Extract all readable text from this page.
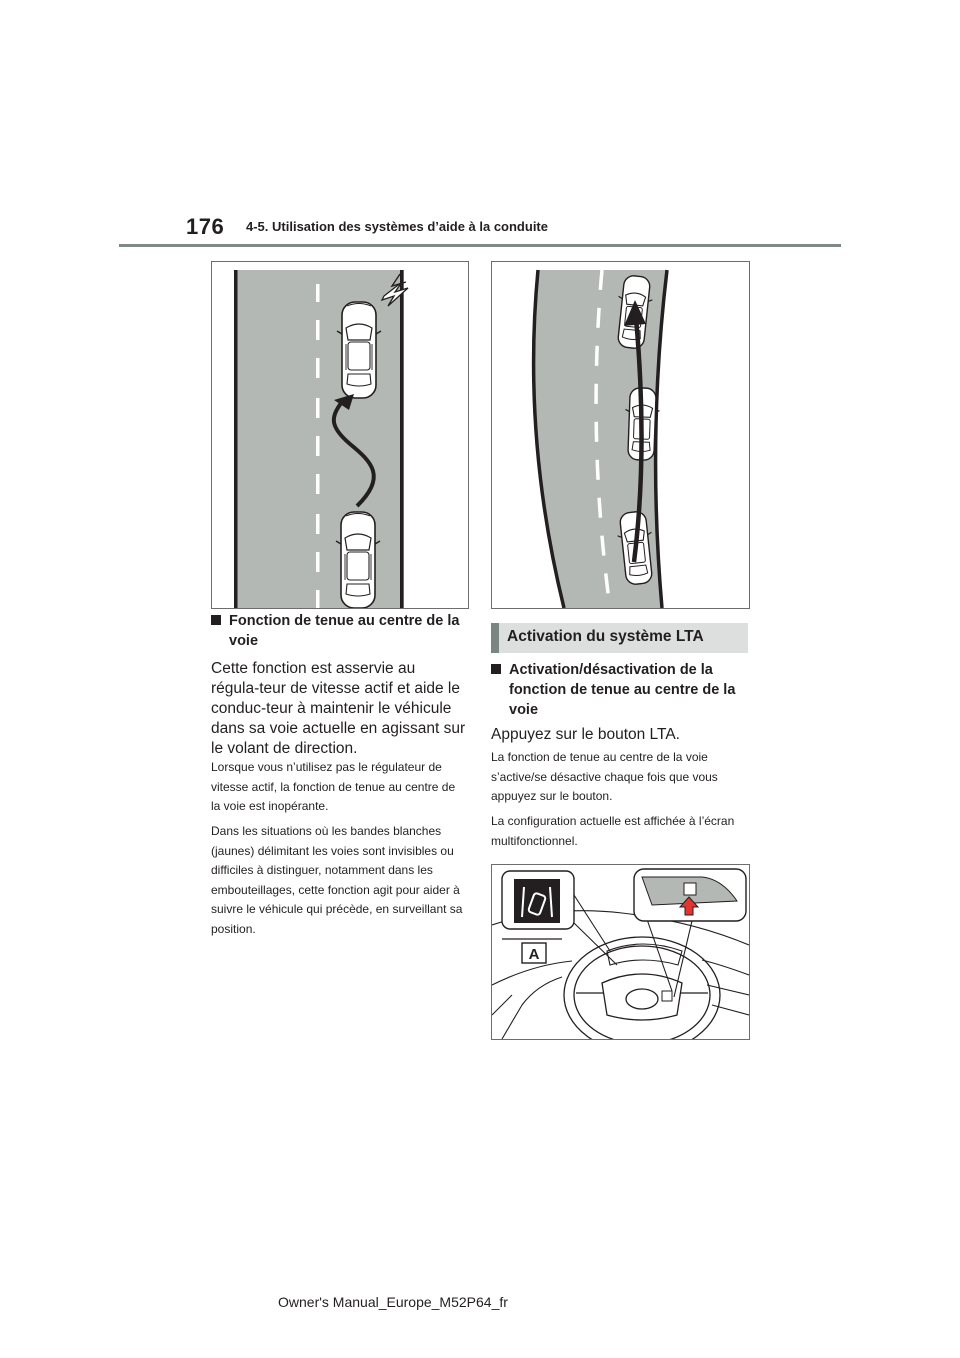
176 4-5. Utilisation des systèmes d’aide à la conduite
Fonction de tenue au centre de la voie
Cette fonction est asservie au régula-teur de vitesse actif et aide le conduc-teur à maintenir le véhicule dans sa voie actuelle en agissant sur le volant de direction.
Lorsque vous n’utilisez pas le régulateur de vitesse actif, la fonction de tenue au centre de la voie est inopérante.
Dans les situations où les bandes blanches (jaunes) délimitant les voies sont invisibles ou difficiles à distinguer, notamment dans les embouteillages, cette fonction agit pour aider à suivre le véhicule qui précède, en surveillant sa position.
Activation du système LTA
Activation/désactivation de la fonction de tenue au centre de la voie
Appuyez sur le bouton LTA.
La fonction de tenue au centre de la voie s’active/se désactive chaque fois que vous appuyez sur le bouton.
La configuration actuelle est affichée à l’écran multifonctionnel.
A
Owner's Manual_Europe_M52P64_fr
